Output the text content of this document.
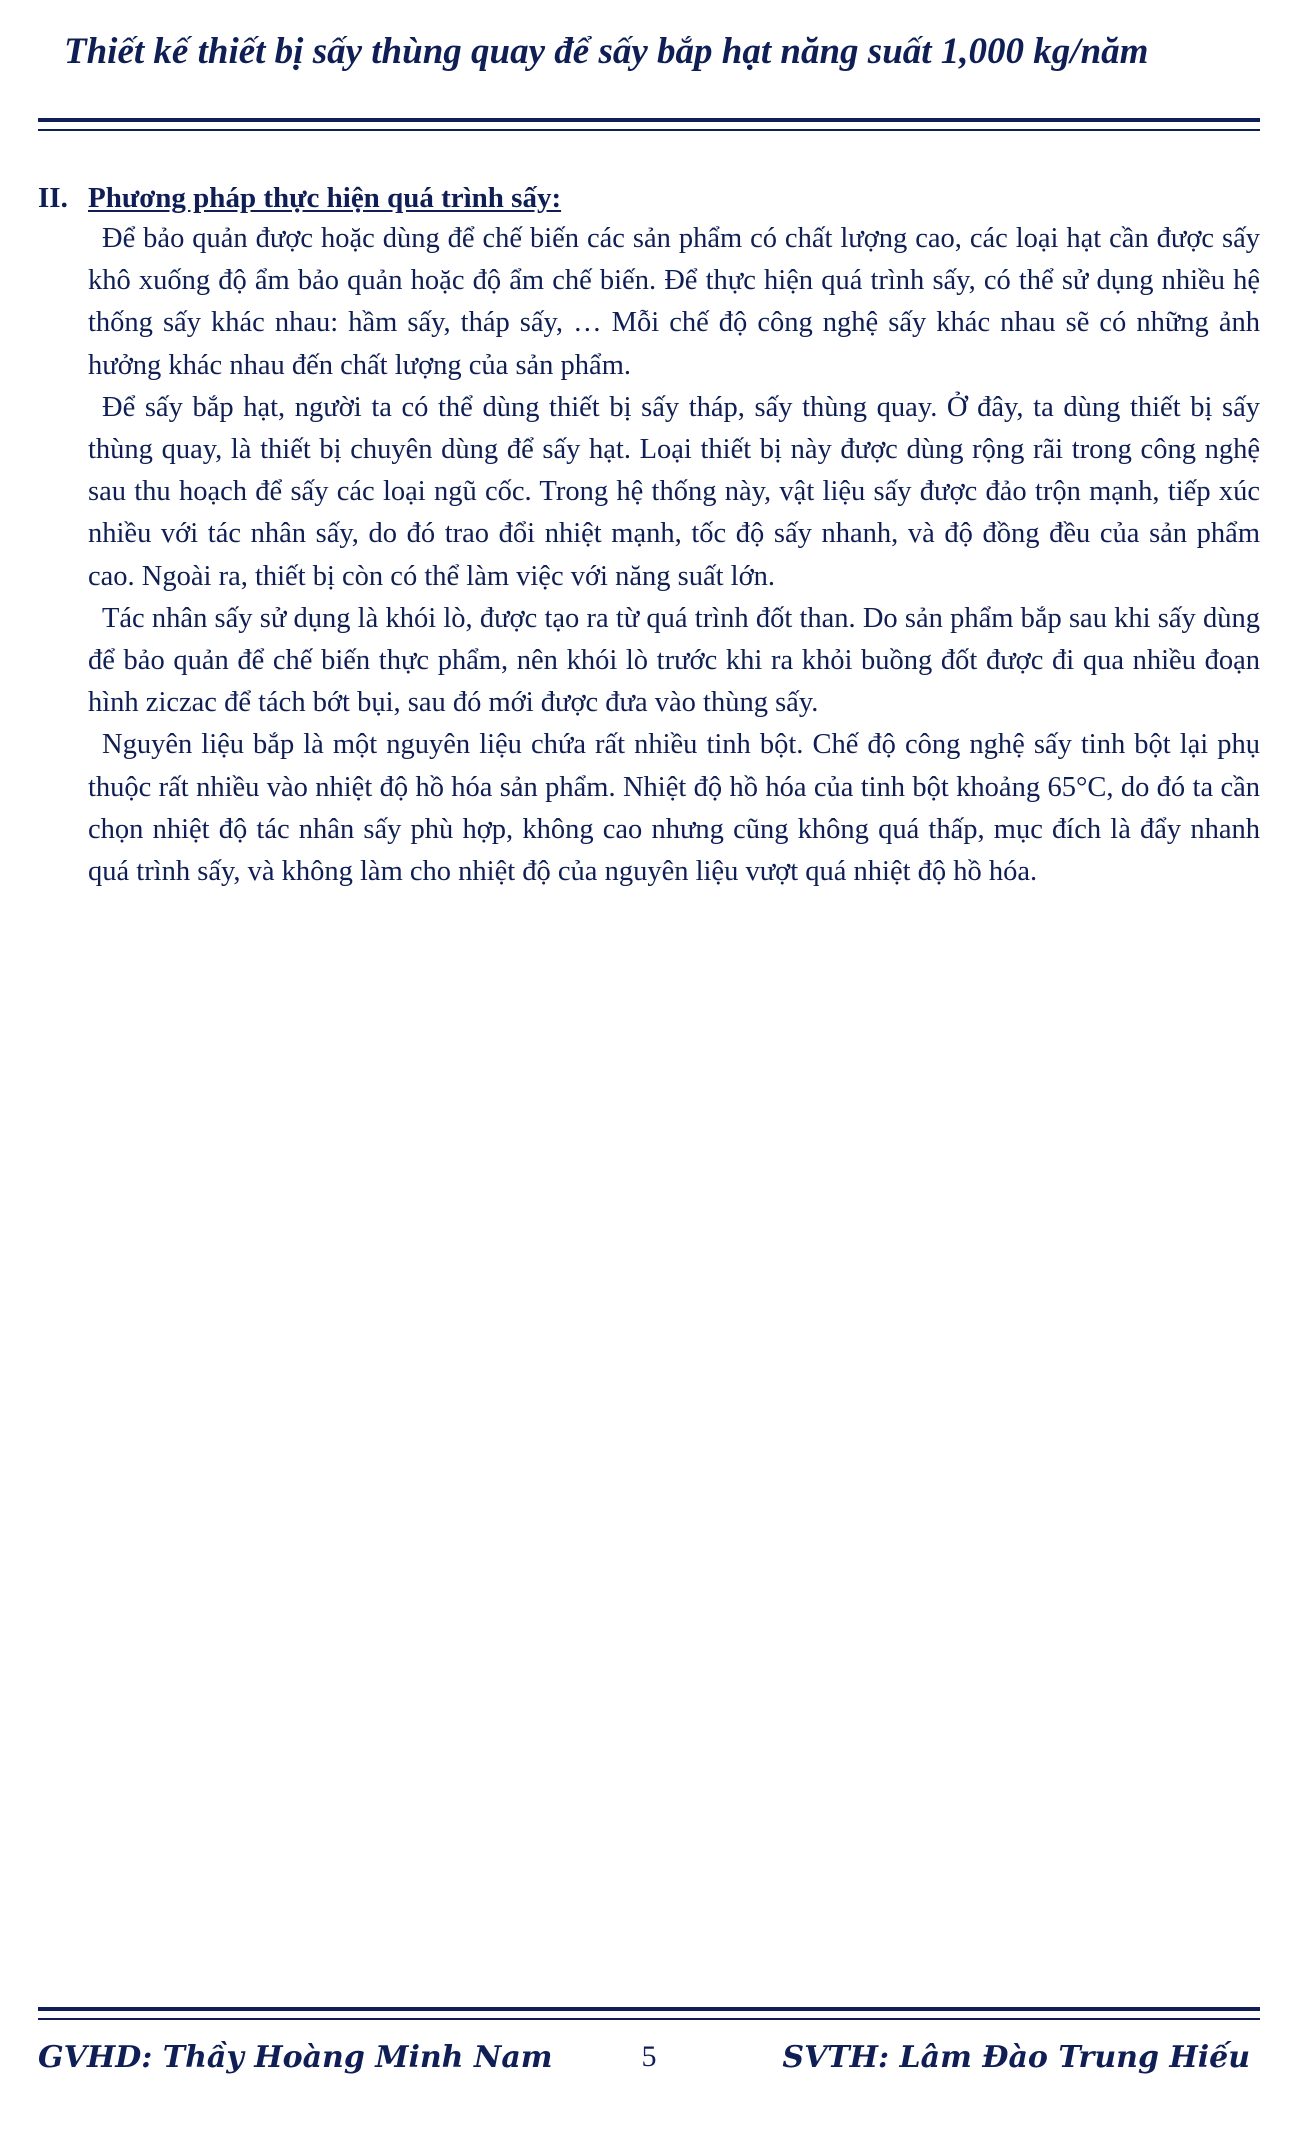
Thiết kế thiết bị sấy thùng quay để sấy bắp hạt năng suất 1,000 kg/năm
II. Phương pháp thực hiện quá trình sấy:

Để bảo quản được hoặc dùng để chế biến các sản phẩm có chất lượng cao, các loại hạt cần được sấy khô xuống độ ẩm bảo quản hoặc độ ẩm chế biến. Để thực hiện quá trình sấy, có thể sử dụng nhiều hệ thống sấy khác nhau: hầm sấy, tháp sấy, … Mỗi chế độ công nghệ sấy khác nhau sẽ có những ảnh hưởng khác nhau đến chất lượng của sản phẩm.

Để sấy bắp hạt, người ta có thể dùng thiết bị sấy tháp, sấy thùng quay. Ở đây, ta dùng thiết bị sấy thùng quay, là thiết bị chuyên dùng để sấy hạt. Loại thiết bị này được dùng rộng rãi trong công nghệ sau thu hoạch để sấy các loại ngũ cốc. Trong hệ thống này, vật liệu sấy được đảo trộn mạnh, tiếp xúc nhiều với tác nhân sấy, do đó trao đổi nhiệt mạnh, tốc độ sấy nhanh, và độ đồng đều của sản phẩm cao. Ngoài ra, thiết bị còn có thể làm việc với năng suất lớn.

Tác nhân sấy sử dụng là khói lò, được tạo ra từ quá trình đốt than. Do sản phẩm bắp sau khi sấy dùng để bảo quản để chế biến thực phẩm, nên khói lò trước khi ra khỏi buồng đốt được đi qua nhiều đoạn hình ziczac để tách bớt bụi, sau đó mới được đưa vào thùng sấy.

Nguyên liệu bắp là một nguyên liệu chứa rất nhiều tinh bột. Chế độ công nghệ sấy tinh bột lại phụ thuộc rất nhiều vào nhiệt độ hồ hóa sản phẩm. Nhiệt độ hồ hóa của tinh bột khoảng 65°C, do đó ta cần chọn nhiệt độ tác nhân sấy phù hợp, không cao nhưng cũng không quá thấp, mục đích là đẩy nhanh quá trình sấy, và không làm cho nhiệt độ của nguyên liệu vượt quá nhiệt độ hồ hóa.

GVHD: Thầy Hoàng Minh Nam	5	SVTH: Lâm Đào Trung Hiếu
